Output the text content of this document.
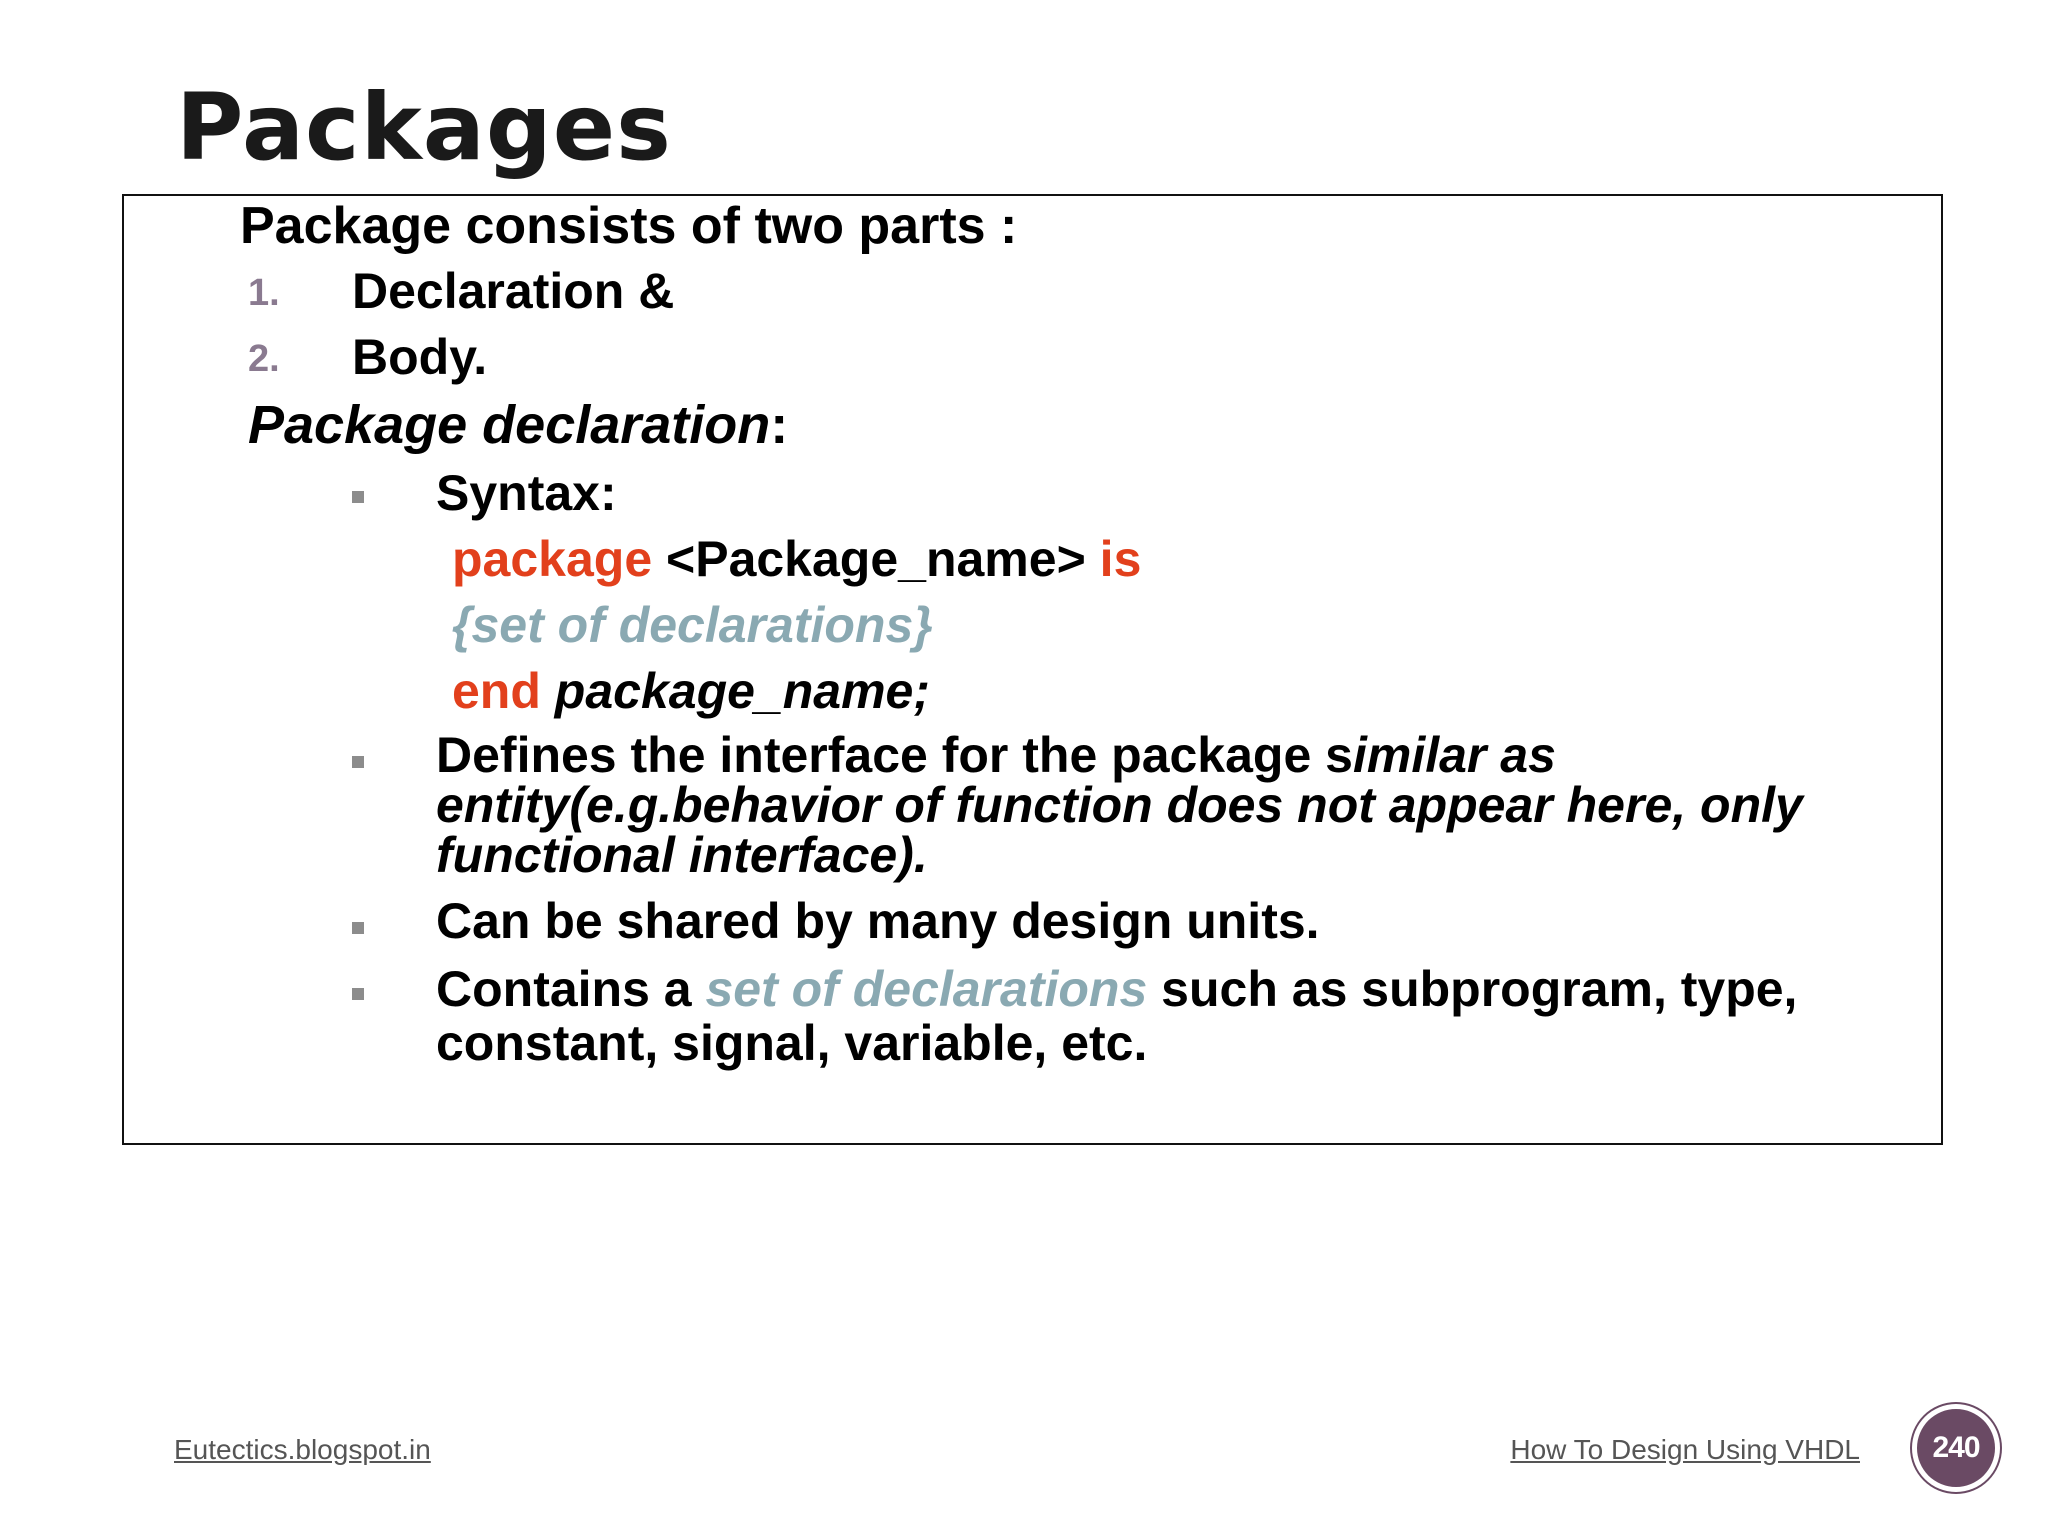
Packages
Package consists of two parts :
1. Declaration &
2. Body.
Package declaration:
Syntax:
package <Package_name> is
{set of declarations}
end package_name;
Defines the interface for the package similar as entity(e.g.behavior of function does not appear here, only functional interface).
Can be shared by many design units.
Contains a set of declarations such as subprogram, type, constant, signal, variable, etc.
Eutectics.blogspot.in	How To Design Using VHDL	240
